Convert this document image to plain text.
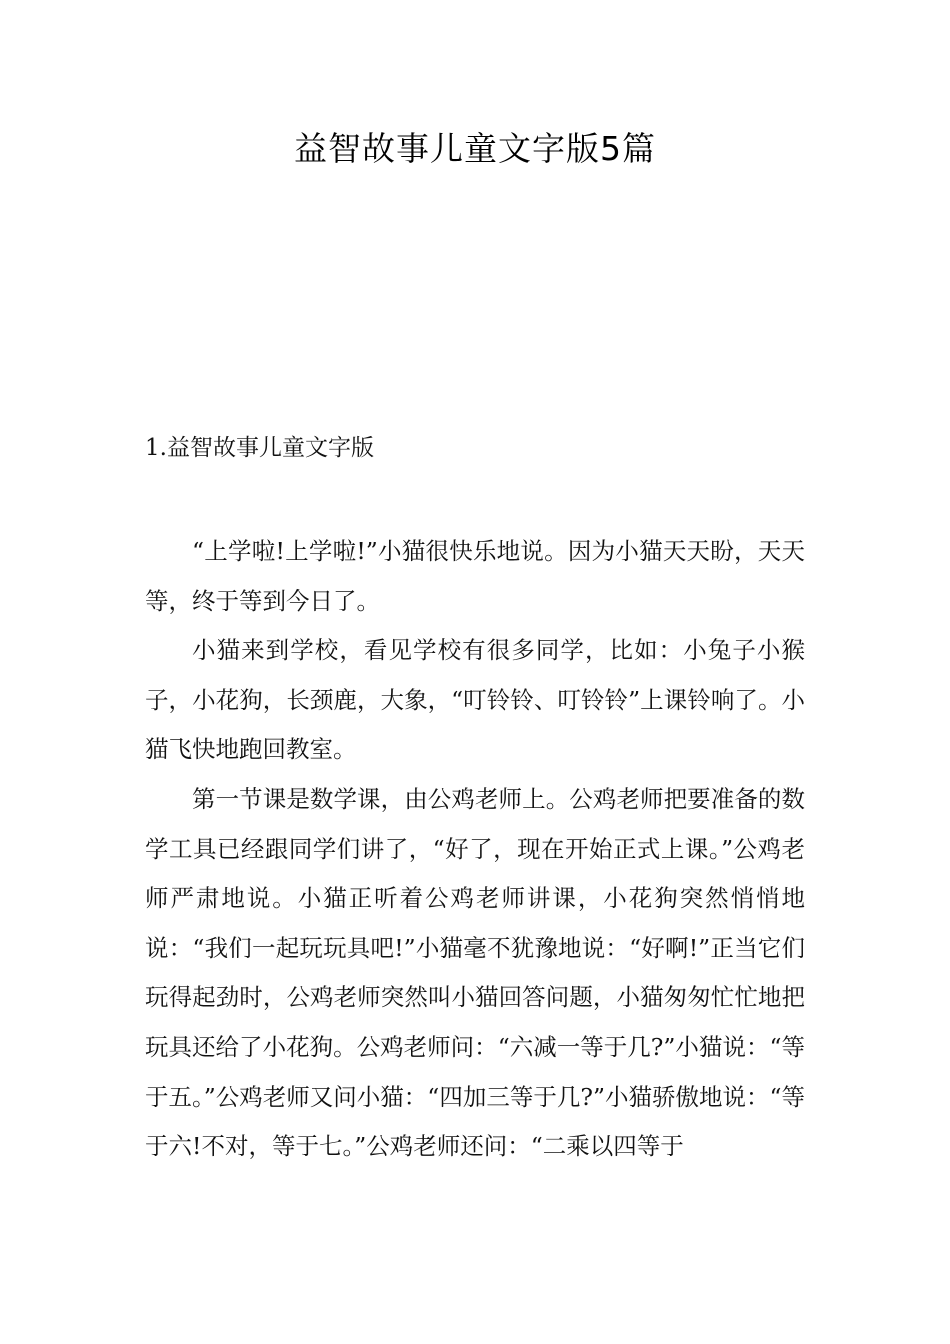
益智故事儿童文字版5篇
1.益智故事儿童文字版

“上学啦!上学啦!”小猫很快乐地说。因为小猫天天盼，天天等，终于等到今日了。

小猫来到学校，看见学校有很多同学，比如：小兔子小猴子，小花狗，长颈鹿，大象，“叮铃铃、叮铃铃”上课铃响了。小猫飞快地跑回教室。

第一节课是数学课，由公鸡老师上。公鸡老师把要准备的数学工具已经跟同学们讲了，“好了，现在开始正式上课。”公鸡老师严肃地说。小猫正听着公鸡老师讲课，小花狗突然悄悄地说：“我们一起玩玩具吧!”小猫毫不犹豫地说：“好啊!”正当它们玩得起劲时，公鸡老师突然叫小猫回答问题，小猫匆匆忙忙地把玩具还给了小花狗。公鸡老师问：“六减一等于几?”小猫说：“等于五。”公鸡老师又问小猫：“四加三等于几?”小猫骄傲地说：“等于六!不对，等于七。”公鸡老师还问：“二乘以四等于
